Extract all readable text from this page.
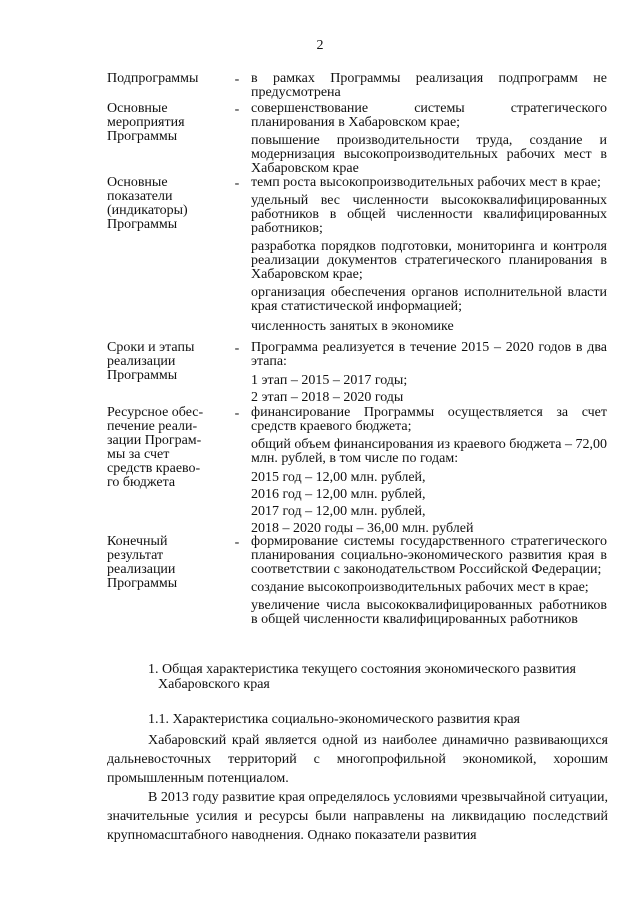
2
Подпрограммы	- в рамках Программы реализация подпрограмм не предусмотрена
Основные
мероприятия
Программы
- совершенствование системы стратегического планирования в Хабаровском крае;
повышение производительности труда, создание и модернизация высокопроизводительных рабочих мест в Хабаровском крае
Основные
показатели
(индикаторы)
Программы
- темп роста высокопроизводительных рабочих мест в крае;
удельный вес численности высококвалифицированных работников в общей численности квалифицированных работников;
разработка порядков подготовки, мониторинга и контроля реализации документов стратегического планирования в Хабаровском крае;
организация обеспечения органов исполнительной власти края статистической информацией;
численность занятых в экономике
Сроки и этапы
реализации
Программы
- Программа реализуется в течение 2015 – 2020 годов в два этапа:
1 этап – 2015 – 2017 годы;
2 этап – 2018 – 2020 годы
Ресурсное обес-
печение реали-
зации Програм-
мы за счет
средств краево-
го бюджета
- финансирование Программы осуществляется за счет средств краевого бюджета;
общий объем финансирования из краевого бюджета – 72,00 млн. рублей, в том числе по годам:
2015 год – 12,00 млн. рублей,
2016 год – 12,00 млн. рублей,
2017 год – 12,00 млн. рублей,
2018 – 2020 годы – 36,00 млн. рублей
Конечный
результат
реализации
Программы
- формирование системы государственного стратегического планирования социально-экономического развития края в соответствии с законодательством Российской Федерации;
создание высокопроизводительных рабочих мест в крае;
увеличение числа высококвалифицированных работников в общей численности квалифицированных работников
1. Общая характеристика текущего состояния экономического развития
Хабаровского края
1.1. Характеристика социально-экономического развития края
Хабаровский край является одной из наиболее динамично развивающихся дальневосточных территорий с многопрофильной экономикой, хорошим промышленным потенциалом.
В 2013 году развитие края определялось условиями чрезвычайной ситуации, значительные усилия и ресурсы были направлены на ликвидацию последствий крупномасштабного наводнения. Однако показатели развития
